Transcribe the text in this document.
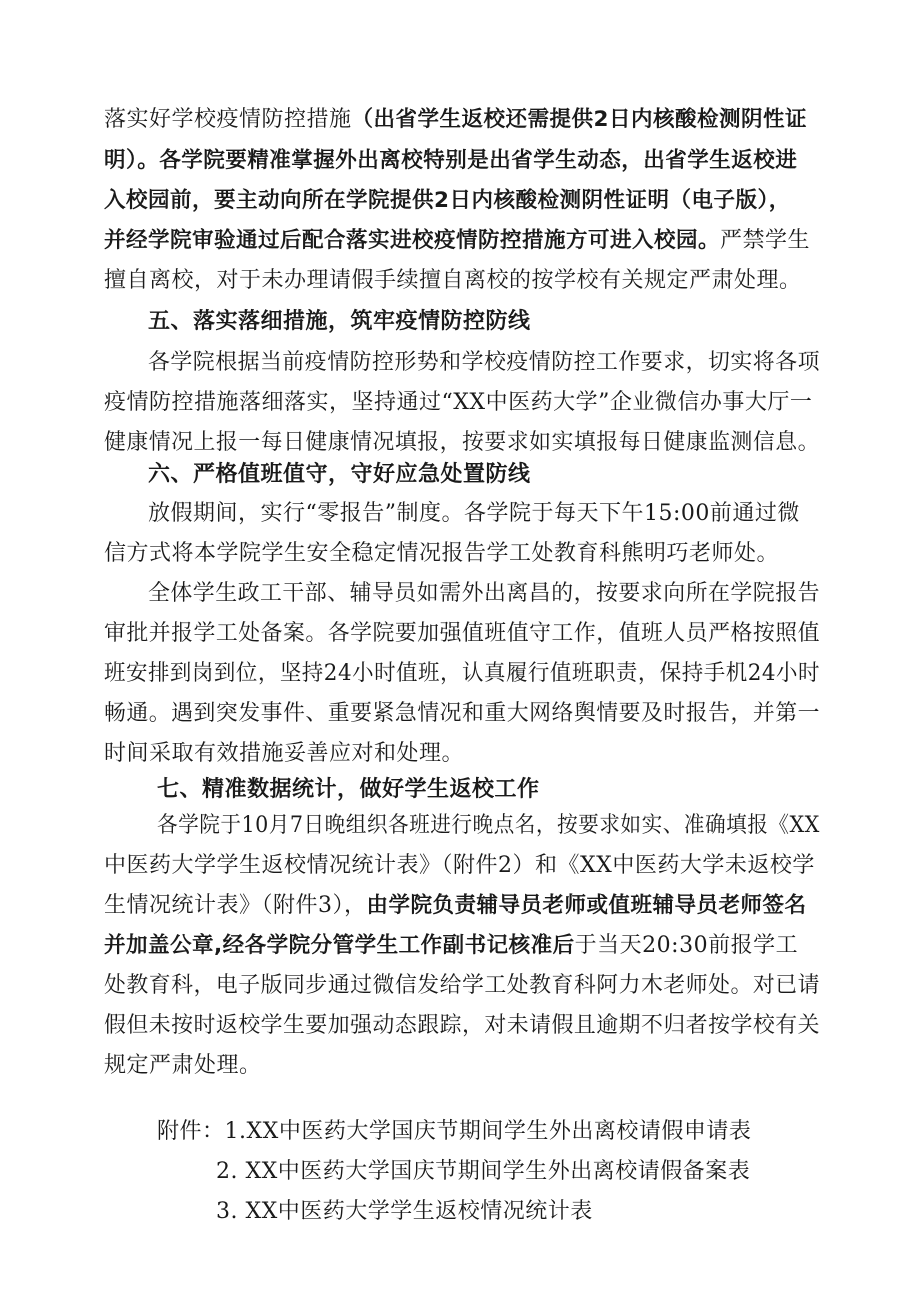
落实好学校疫情防控措施（出省学生返校还需提供2日内核酸检测阴性证
明）。各学院要精准掌握外出离校特别是出省学生动态，出省学生返校进
入校园前，要主动向所在学院提供2日内核酸检测阴性证明（电子版），
并经学院审验通过后配合落实进校疫情防控措施方可进入校园。严禁学生
擅自离校，对于未办理请假手续擅自离校的按学校有关规定严肃处理。
五、落实落细措施，筑牢疫情防控防线
各学院根据当前疫情防控形势和学校疫情防控工作要求，切实将各项
疫情防控措施落细落实，坚持通过“XX中医药大学”企业微信办事大厅一
健康情况上报一每日健康情况填报，按要求如实填报每日健康监测信息。
六、严格值班值守，守好应急处置防线
放假期间，实行“零报告”制度。各学院于每天下午15:00前通过微
信方式将本学院学生安全稳定情况报告学工处教育科熊明巧老师处。
全体学生政工干部、辅导员如需外出离昌的，按要求向所在学院报告
审批并报学工处备案。各学院要加强值班值守工作，值班人员严格按照值
班安排到岗到位，坚持24小时值班，认真履行值班职责，保持手机24小时
畅通。遇到突发事件、重要紧急情况和重大网络舆情要及时报告，并第一
时间采取有效措施妥善应对和处理。
七、精准数据统计，做好学生返校工作
各学院于10月7日晚组织各班进行晚点名，按要求如实、准确填报《XX
中医药大学学生返校情况统计表》（附件2）和《XX中医药大学未返校学
生情况统计表》（附件3），由学院负责辅导员老师或值班辅导员老师签名
并加盖公章,经各学院分管学生工作副书记核准后于当天20:30前报学工
处教育科，电子版同步通过微信发给学工处教育科阿力木老师处。对已请
假但未按时返校学生要加强动态跟踪，对未请假且逾期不归者按学校有关
规定严肃处理。
附件：1.XX中医药大学国庆节期间学生外出离校请假申请表
2. XX中医药大学国庆节期间学生外出离校请假备案表
3. XX中医药大学学生返校情况统计表
